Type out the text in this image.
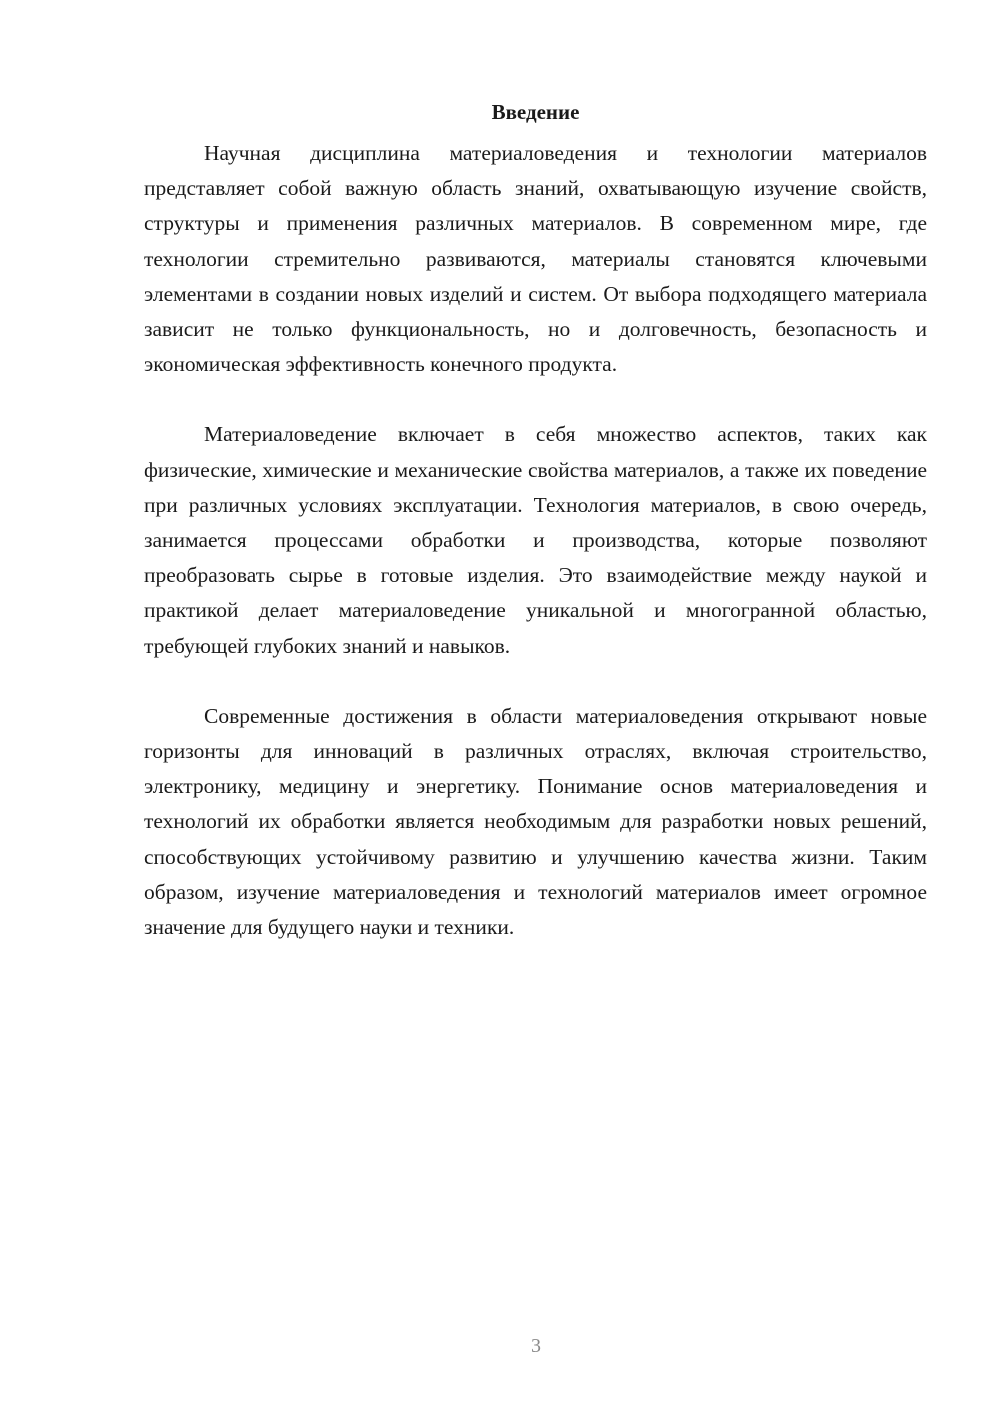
Введение

Научная дисциплина материаловедения и технологии материалов представляет собой важную область знаний, охватывающую изучение свойств, структуры и применения различных материалов. В современном мире, где технологии стремительно развиваются, материалы становятся ключевыми элементами в создании новых изделий и систем. От выбора подходящего материала зависит не только функциональность, но и долговечность, безопасность и экономическая эффективность конечного продукта.

Материаловедение включает в себя множество аспектов, таких как физические, химические и механические свойства материалов, а также их поведение при различных условиях эксплуатации. Технология материалов, в свою очередь, занимается процессами обработки и производства, которые позволяют преобразовать сырье в готовые изделия. Это взаимодействие между наукой и практикой делает материаловедение уникальной и многогранной областью, требующей глубоких знаний и навыков.

Современные достижения в области материаловедения открывают новые горизонты для инноваций в различных отраслях, включая строительство, электронику, медицину и энергетику. Понимание основ материаловедения и технологий их обработки является необходимым для разработки новых решений, способствующих устойчивому развитию и улучшению качества жизни. Таким образом, изучение материаловедения и технологий материалов имеет огромное значение для будущего науки и техники.

3
